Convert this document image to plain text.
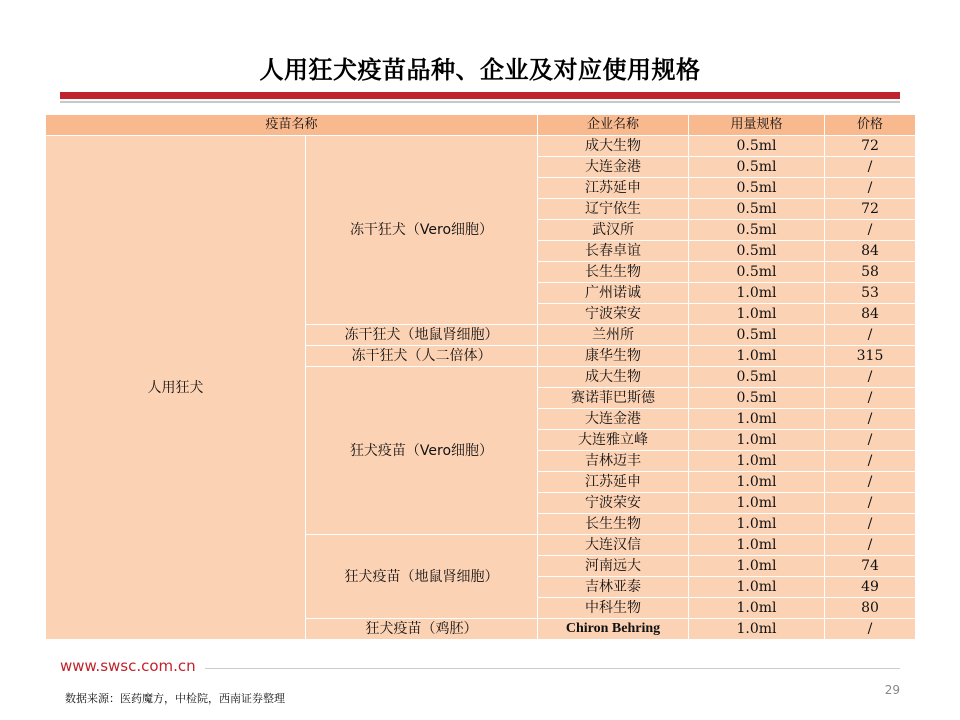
人用狂犬疫苗品种、企业及对应使用规格
疫苗名称		企业名称	用量规格	价格
人用狂犬	冻干狂犬（Vero细胞）	成大生物	0.5ml	72
		大连金港	0.5ml	/
		江苏延申	0.5ml	/
		辽宁依生	0.5ml	72
		武汉所	0.5ml	/
		长春卓谊	0.5ml	84
		长生生物	0.5ml	58
		广州诺诚	1.0ml	53
		宁波荣安	1.0ml	84
	冻干狂犬（地鼠肾细胞）	兰州所	0.5ml	/
	冻干狂犬（人二倍体）	康华生物	1.0ml	315
	狂犬疫苗（Vero细胞）	成大生物	0.5ml	/
		赛诺菲巴斯德	0.5ml	/
		大连金港	1.0ml	/
		大连雅立峰	1.0ml	/
		吉林迈丰	1.0ml	/
		江苏延申	1.0ml	/
		宁波荣安	1.0ml	/
		长生生物	1.0ml	/
	狂犬疫苗（地鼠肾细胞）	大连汉信	1.0ml	/
		河南远大	1.0ml	74
		吉林亚泰	1.0ml	49
		中科生物	1.0ml	80
	狂犬疫苗（鸡胚）	Chiron Behring	1.0ml	/
www.swsc.com.cn
29
数据来源：医药魔方，中检院，西南证券整理
